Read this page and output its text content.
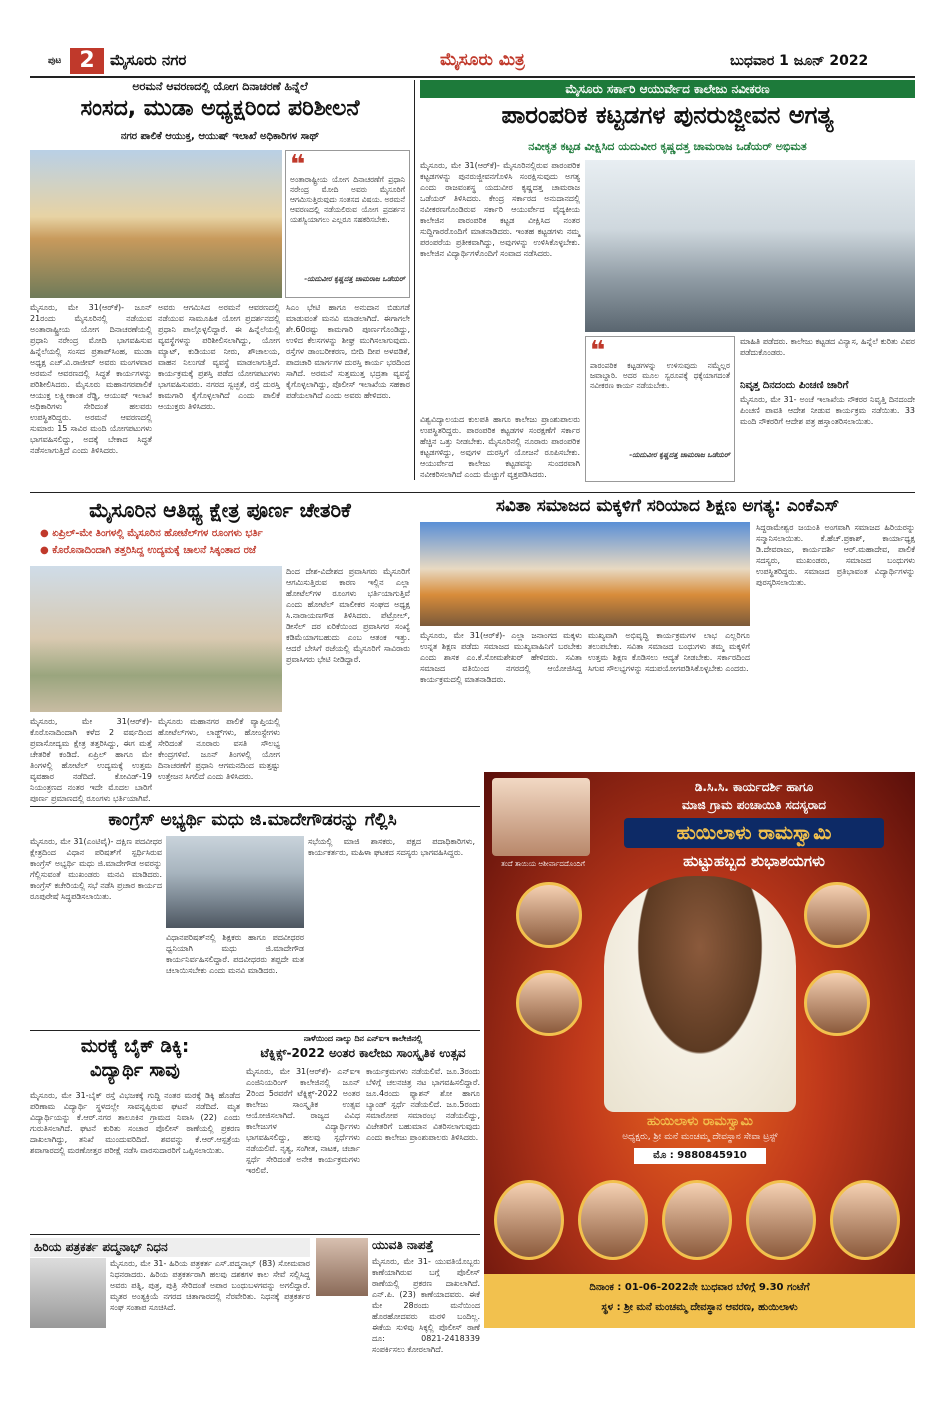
ಪುಟ 2	ಮೈಸೂರು ನಗರ	ಮೈಸೂರು ಮಿತ್ರ	ಬುಧವಾರ 1 ಜೂನ್ 2022
ಅರಮನೆ ಆವರಣದಲ್ಲಿ ಯೋಗ ದಿನಾಚರಣೆ ಹಿನ್ನೆಲೆ
ಸಂಸದ, ಮುಡಾ ಅಧ್ಯಕ್ಷರಿಂದ ಪರಿಶೀಲನೆ
ನಗರ ಪಾಲಿಕೆ ಆಯುಕ್ತ, ಆಯುಷ್ ಇಲಾಖೆ ಅಧಿಕಾರಿಗಳ ಸಾಥ್
❝
ಅಂತಾರಾಷ್ಟ್ರೀಯ ಯೋಗ ದಿನಾಚರಣೆಗೆ ಪ್ರಧಾನಿ ನರೇಂದ್ರ ಮೋದಿ ಅವರು ಮೈಸೂರಿಗೆ ಆಗಮಿಸುತ್ತಿರುವುದು ಸಂತಸದ ವಿಷಯ. ಅರಮನೆ ಆವರಣದಲ್ಲಿ ನಡೆಯಲಿರುವ ಯೋಗ ಪ್ರದರ್ಶನ ಯಶಸ್ವಿಯಾಗಲು ಎಲ್ಲರೂ ಸಹಕರಿಸಬೇಕು.
-ಯದುವೀರ ಕೃಷ್ಣದತ್ತ ಚಾಮರಾಜ ಒಡೆಯರ್
ಮೈಸೂರು, ಮೇ 31(ಆರ್‌ಕೆ)- ಜೂನ್ 21ರಂದು ಮೈಸೂರಿನಲ್ಲಿ ನಡೆಯುವ ಅಂತಾರಾಷ್ಟ್ರೀಯ ಯೋಗ ದಿನಾಚರಣೆಯಲ್ಲಿ ಪ್ರಧಾನಿ ನರೇಂದ್ರ ಮೋದಿ ಭಾಗವಹಿಸುವ ಹಿನ್ನೆಲೆಯಲ್ಲಿ ಸಂಸದ ಪ್ರತಾಪ್‌ಸಿಂಹ, ಮುಡಾ ಅಧ್ಯಕ್ಷ ಎಚ್.ವಿ.ರಾಜೀವ್ ಅವರು ಮಂಗಳವಾರ ಅರಮನೆ ಆವರಣದಲ್ಲಿ ಸಿದ್ಧತೆ ಕಾರ್ಯಗಳನ್ನು ಪರಿಶೀಲಿಸಿದರು. ಮೈಸೂರು ಮಹಾನಗರಪಾಲಿಕೆ ಆಯುಕ್ತ ಲಕ್ಷ್ಮೀಕಾಂತ ರೆಡ್ಡಿ, ಆಯುಷ್ ಇಲಾಖೆ ಅಧಿಕಾರಿಗಳು ಸೇರಿದಂತೆ ಹಲವರು ಉಪಸ್ಥಿತರಿದ್ದರು. ಅರಮನೆ ಆವರಣದಲ್ಲಿ ಸುಮಾರು 15 ಸಾವಿರ ಮಂದಿ ಯೋಗಪಟುಗಳು ಭಾಗವಹಿಸಲಿದ್ದು, ಅದಕ್ಕೆ ಬೇಕಾದ ಸಿದ್ಧತೆ ನಡೆಸಲಾಗುತ್ತಿದೆ ಎಂದು ತಿಳಿಸಿದರು.
ಅವರು ಆಗಮಿಸಿದ ಅರಮನೆ ಆವರಣದಲ್ಲಿ ನಡೆಯುವ ಸಾಮೂಹಿಕ ಯೋಗ ಪ್ರದರ್ಶನದಲ್ಲಿ ಪ್ರಧಾನಿ ಪಾಲ್ಗೊಳ್ಳಲಿದ್ದಾರೆ. ಈ ಹಿನ್ನೆಲೆಯಲ್ಲಿ ವ್ಯವಸ್ಥೆಗಳನ್ನು ಪರಿಶೀಲಿಸಲಾಗಿದ್ದು, ಯೋಗ ಮ್ಯಾಟ್, ಕುಡಿಯುವ ನೀರು, ಶೌಚಾಲಯ, ವಾಹನ ನಿಲುಗಡೆ ವ್ಯವಸ್ಥೆ ಮಾಡಲಾಗುತ್ತಿದೆ. ಕಾರ್ಯಕ್ರಮಕ್ಕೆ ಪ್ರಶಸ್ತಿ ಪಡೆದ ಯೋಗಪಟುಗಳು ಭಾಗವಹಿಸುವರು. ನಗರದ ಸ್ವಚ್ಛತೆ, ರಸ್ತೆ ದುರಸ್ತಿ ಕಾಮಗಾರಿ ಕೈಗೊಳ್ಳಲಾಗಿದೆ ಎಂದು ಪಾಲಿಕೆ ಆಯುಕ್ತರು ತಿಳಿಸಿದರು.
ಸಿಎಂ ಭೇಟಿ ಹಾಗೂ ಅನುದಾನ ಬಿಡುಗಡೆ ಮಾಡುವಂತೆ ಮನವಿ ಮಾಡಲಾಗಿದೆ. ಈಗಾಗಲೇ ಶೇ.60ರಷ್ಟು ಕಾಮಗಾರಿ ಪೂರ್ಣಗೊಂಡಿದ್ದು, ಉಳಿದ ಕೆಲಸಗಳನ್ನು ಶೀಘ್ರ ಮುಗಿಸಲಾಗುವುದು. ರಸ್ತೆಗಳ ಡಾಂಬರೀಕರಣ, ಬೀದಿ ದೀಪ ಅಳವಡಿಕೆ, ಪಾದಚಾರಿ ಮಾರ್ಗಗಳ ದುರಸ್ತಿ ಕಾರ್ಯ ಭರದಿಂದ ಸಾಗಿದೆ. ಅರಮನೆ ಸುತ್ತಮುತ್ತ ಭದ್ರತಾ ವ್ಯವಸ್ಥೆ ಕೈಗೊಳ್ಳಲಾಗಿದ್ದು, ಪೊಲೀಸ್ ಇಲಾಖೆಯ ಸಹಕಾರ ಪಡೆಯಲಾಗಿದೆ ಎಂದು ಅವರು ಹೇಳಿದರು.
ಮೈಸೂರು ಸರ್ಕಾರಿ ಆಯುರ್ವೇದ ಕಾಲೇಜು ನವೀಕರಣ
ಪಾರಂಪರಿಕ ಕಟ್ಟಡಗಳ ಪುನರುಜ್ಜೀವನ ಅಗತ್ಯ
ನವೀಕೃತ ಕಟ್ಟಡ ವೀಕ್ಷಿಸಿದ ಯದುವೀರ ಕೃಷ್ಣದತ್ತ ಚಾಮರಾಜ ಒಡೆಯರ್ ಅಭಿಮತ
ಮೈಸೂರು, ಮೇ 31(ಆರ್‌ಕೆ)- ಮೈಸೂರಿನಲ್ಲಿರುವ ಪಾರಂಪರಿಕ ಕಟ್ಟಡಗಳನ್ನು ಪುನರುಜ್ಜೀವನಗೊಳಿಸಿ ಸಂರಕ್ಷಿಸುವುದು ಅಗತ್ಯ ಎಂದು ರಾಜವಂಶಸ್ಥ ಯದುವೀರ ಕೃಷ್ಣದತ್ತ ಚಾಮರಾಜ ಒಡೆಯರ್ ತಿಳಿಸಿದರು. ಕೇಂದ್ರ ಸರ್ಕಾರದ ಅನುದಾನದಲ್ಲಿ ನವೀಕರಣಗೊಂಡಿರುವ ಸರ್ಕಾರಿ ಆಯುರ್ವೇದ ವೈದ್ಯಕೀಯ ಕಾಲೇಜಿನ ಪಾರಂಪರಿಕ ಕಟ್ಟಡ ವೀಕ್ಷಿಸಿದ ನಂತರ ಸುದ್ದಿಗಾರರೊಂದಿಗೆ ಮಾತನಾಡಿದರು. ಇಂತಹ ಕಟ್ಟಡಗಳು ನಮ್ಮ ಪರಂಪರೆಯ ಪ್ರತೀಕವಾಗಿದ್ದು, ಅವುಗಳನ್ನು ಉಳಿಸಿಕೊಳ್ಳಬೇಕು. ಕಾಲೇಜಿನ ವಿದ್ಯಾರ್ಥಿಗಳೊಂದಿಗೆ ಸಂವಾದ ನಡೆಸಿದರು.
ವಿಶ್ವವಿದ್ಯಾಲಯದ ಕುಲಪತಿ ಹಾಗೂ ಕಾಲೇಜು ಪ್ರಾಂಶುಪಾಲರು ಉಪಸ್ಥಿತರಿದ್ದರು. ಪಾರಂಪರಿಕ ಕಟ್ಟಡಗಳ ಸಂರಕ್ಷಣೆಗೆ ಸರ್ಕಾರ ಹೆಚ್ಚಿನ ಒತ್ತು ನೀಡಬೇಕು. ಮೈಸೂರಿನಲ್ಲಿ ನೂರಾರು ಪಾರಂಪರಿಕ ಕಟ್ಟಡಗಳಿದ್ದು, ಅವುಗಳ ದುರಸ್ತಿಗೆ ಯೋಜನೆ ರೂಪಿಸಬೇಕು. ಆಯುರ್ವೇದ ಕಾಲೇಜು ಕಟ್ಟಡವನ್ನು ಸುಂದರವಾಗಿ ನವೀಕರಿಸಲಾಗಿದೆ ಎಂದು ಮೆಚ್ಚುಗೆ ವ್ಯಕ್ತಪಡಿಸಿದರು.
❝
ಪಾರಂಪರಿಕ ಕಟ್ಟಡಗಳನ್ನು ಉಳಿಸುವುದು ನಮ್ಮೆಲ್ಲರ ಜವಾಬ್ದಾರಿ. ಅದರ ಮೂಲ ಸ್ವರೂಪಕ್ಕೆ ಧಕ್ಕೆಯಾಗದಂತೆ ನವೀಕರಣ ಕಾರ್ಯ ನಡೆಯಬೇಕು.
-ಯದುವೀರ ಕೃಷ್ಣದತ್ತ ಚಾಮರಾಜ ಒಡೆಯರ್
ಮಾಹಿತಿ ಪಡೆದರು. ಕಾಲೇಜು ಕಟ್ಟಡದ ವಿನ್ಯಾಸ, ಹಿನ್ನೆಲೆ ಕುರಿತು ವಿವರ ಪಡೆದುಕೊಂಡರು.
ನಿವೃತ್ತ ದಿನದಂದು ಪಿಂಚಣಿ ಜಾರಿಗೆ
ಮೈಸೂರು, ಮೇ 31- ಅಂಚೆ ಇಲಾಖೆಯ ನೌಕರರ ನಿವೃತ್ತಿ ದಿನದಂದೇ ಪಿಂಚಣಿ ಪಾವತಿ ಆದೇಶ ನೀಡುವ ಕಾರ್ಯಕ್ರಮ ನಡೆಯಿತು. 33 ಮಂದಿ ನೌಕರರಿಗೆ ಆದೇಶ ಪತ್ರ ಹಸ್ತಾಂತರಿಸಲಾಯಿತು.
ಮೈಸೂರಿನ ಆತಿಥ್ಯ ಕ್ಷೇತ್ರ ಪೂರ್ಣ ಚೇತರಿಕೆ
● ಏಪ್ರಿಲ್-ಮೇ ತಿಂಗಳಲ್ಲಿ ಮೈಸೂರಿನ ಹೋಟೆಲ್‌ಗಳ ರೂಂಗಳು ಭರ್ತಿ
● ಕೊರೊನಾದಿಂದಾಗಿ ತತ್ತರಿಸಿದ್ದ ಉದ್ಯಮಕ್ಕೆ ಚಾಲನೆ ಸಿಕ್ಕಂತಾದ ರಜೆ
ದಿಂದ ದೇಶ-ವಿದೇಶದ ಪ್ರವಾಸಿಗರು ಮೈಸೂರಿಗೆ ಆಗಮಿಸುತ್ತಿರುವ ಕಾರಣ ಇಲ್ಲಿನ ಎಲ್ಲಾ ಹೋಟೆಲ್‌ಗಳ ರೂಂಗಳು ಭರ್ತಿಯಾಗುತ್ತಿವೆ ಎಂದು ಹೋಟೆಲ್ ಮಾಲೀಕರ ಸಂಘದ ಅಧ್ಯಕ್ಷ ಸಿ.ನಾರಾಯಣಗೌಡ ತಿಳಿಸಿದರು. ಪೆಟ್ರೋಲ್, ಡೀಸೆಲ್ ದರ ಏರಿಕೆಯಿಂದ ಪ್ರವಾಸಿಗರ ಸಂಖ್ಯೆ ಕಡಿಮೆಯಾಗಬಹುದು ಎಂಬ ಆತಂಕ ಇತ್ತು. ಆದರೆ ಬೇಸಿಗೆ ರಜೆಯಲ್ಲಿ ಮೈಸೂರಿಗೆ ಸಾವಿರಾರು ಪ್ರವಾಸಿಗರು ಭೇಟಿ ನೀಡಿದ್ದಾರೆ.
ಮೈಸೂರು, ಮೇ 31(ಆರ್‌ಕೆ)-ಕೊರೊನಾದಿಂದಾಗಿ ಕಳೆದ 2 ವರ್ಷದಿಂದ ಪ್ರವಾಸೋದ್ಯಮ ಕ್ಷೇತ್ರ ತತ್ತರಿಸಿದ್ದು, ಈಗ ಮತ್ತೆ ಚೇತರಿಕೆ ಕಂಡಿದೆ. ಏಪ್ರಿಲ್ ಹಾಗೂ ಮೇ ತಿಂಗಳಲ್ಲಿ ಹೋಟೆಲ್ ಉದ್ಯಮಕ್ಕೆ ಉತ್ತಮ ವ್ಯವಹಾರ ನಡೆದಿದೆ. ಕೋವಿಡ್-19 ನಿಯಂತ್ರಣದ ನಂತರ ಇದೇ ಮೊದಲ ಬಾರಿಗೆ ಪೂರ್ಣ ಪ್ರಮಾಣದಲ್ಲಿ ರೂಂಗಳು ಭರ್ತಿಯಾಗಿವೆ.
ಮೈಸೂರು ಮಹಾನಗರ ಪಾಲಿಕೆ ವ್ಯಾಪ್ತಿಯಲ್ಲಿ ಹೋಟೆಲ್‌ಗಳು, ಲಾಡ್ಜ್‌ಗಳು, ಹೋಂಸ್ಟೇಗಳು ಸೇರಿದಂತೆ ನೂರಾರು ವಸತಿ ಸೌಲಭ್ಯ ಕೇಂದ್ರಗಳಿವೆ. ಜೂನ್ ತಿಂಗಳಲ್ಲಿ ಯೋಗ ದಿನಾಚರಣೆಗೆ ಪ್ರಧಾನಿ ಆಗಮನದಿಂದ ಮತ್ತಷ್ಟು ಉತ್ತೇಜನ ಸಿಗಲಿದೆ ಎಂದು ತಿಳಿಸಿದರು.
ಸವಿತಾ ಸಮಾಜದ ಮಕ್ಕಳಿಗೆ ಸರಿಯಾದ ಶಿಕ್ಷಣ ಅಗತ್ಯ: ಎಂಕೆಎಸ್
ಸಿದ್ದರಾಮೇಶ್ವರ ಜಯಂತಿ ಅಂಗವಾಗಿ ಸಮಾಜದ ಹಿರಿಯರನ್ನು ಸನ್ಮಾನಿಸಲಾಯಿತು. ಕೆ.ಹೆಚ್.ಪ್ರಕಾಶ್, ಕಾರ್ಯಾಧ್ಯಕ್ಷ ಡಿ.ದೇವರಾಜು, ಕಾರ್ಯದರ್ಶಿ ಆರ್.ಮಹಾದೇವ, ಪಾಲಿಕೆ ಸದಸ್ಯರು, ಮುಖಂಡರು, ಸಮಾಜದ ಬಂಧುಗಳು ಉಪಸ್ಥಿತರಿದ್ದರು. ಸಮಾಜದ ಪ್ರತಿಭಾವಂತ ವಿದ್ಯಾರ್ಥಿಗಳನ್ನು ಪುರಸ್ಕರಿಸಲಾಯಿತು.
ಮೈಸೂರು, ಮೇ 31(ಆರ್‌ಕೆ)- ಎಲ್ಲಾ ಜನಾಂಗದ ಮಕ್ಕಳು ಉನ್ನತ ಶಿಕ್ಷಣ ಪಡೆದು ಸಮಾಜದ ಮುಖ್ಯವಾಹಿನಿಗೆ ಬರಬೇಕು ಎಂದು ಶಾಸಕ ಎಂ.ಕೆ.ಸೋಮಶೇಖರ್ ಹೇಳಿದರು. ಸವಿತಾ ಸಮಾಜದ ವತಿಯಿಂದ ನಗರದಲ್ಲಿ ಆಯೋಜಿಸಿದ್ದ ಕಾರ್ಯಕ್ರಮದಲ್ಲಿ ಮಾತನಾಡಿದರು.
ಮುಖ್ಯವಾಗಿ ಅಭಿವೃದ್ಧಿ ಕಾರ್ಯಕ್ರಮಗಳ ಲಾಭ ಎಲ್ಲರಿಗೂ ತಲುಪಬೇಕು. ಸವಿತಾ ಸಮಾಜದ ಬಂಧುಗಳು ತಮ್ಮ ಮಕ್ಕಳಿಗೆ ಉತ್ತಮ ಶಿಕ್ಷಣ ಕೊಡಿಸಲು ಆದ್ಯತೆ ನೀಡಬೇಕು. ಸರ್ಕಾರದಿಂದ ಸಿಗುವ ಸೌಲಭ್ಯಗಳನ್ನು ಸದುಪಯೋಗಪಡಿಸಿಕೊಳ್ಳಬೇಕು ಎಂದರು.
ಕಾಂಗ್ರೆಸ್ ಅಭ್ಯರ್ಥಿ ಮಧು ಜಿ.ಮಾದೇಗೌಡರನ್ನು ಗೆಲ್ಲಿಸಿ
ಮೈಸೂರು, ಮೇ 31(ಎಂಟಿವೈ)- ದಕ್ಷಿಣ ಪದವೀಧರ ಕ್ಷೇತ್ರದಿಂದ ವಿಧಾನ ಪರಿಷತ್‌ಗೆ ಸ್ಪರ್ಧಿಸಿರುವ ಕಾಂಗ್ರೆಸ್ ಅಭ್ಯರ್ಥಿ ಮಧು ಜಿ.ಮಾದೇಗೌಡ ಅವರನ್ನು ಗೆಲ್ಲಿಸುವಂತೆ ಮುಖಂಡರು ಮನವಿ ಮಾಡಿದರು. ಕಾಂಗ್ರೆಸ್ ಕಚೇರಿಯಲ್ಲಿ ಸಭೆ ನಡೆಸಿ ಪ್ರಚಾರ ಕಾರ್ಯದ ರೂಪುರೇಷೆ ಸಿದ್ಧಪಡಿಸಲಾಯಿತು.
ವಿಧಾನಪರಿಷತ್‌ನಲ್ಲಿ ಶಿಕ್ಷಕರು ಹಾಗೂ ಪದವೀಧರರ ಧ್ವನಿಯಾಗಿ ಮಧು ಜಿ.ಮಾದೇಗೌಡ ಕಾರ್ಯನಿರ್ವಹಿಸಲಿದ್ದಾರೆ. ಪದವೀಧರರು ತಪ್ಪದೇ ಮತ ಚಲಾಯಿಸಬೇಕು ಎಂದು ಮನವಿ ಮಾಡಿದರು.
ಸಭೆಯಲ್ಲಿ ಮಾಜಿ ಶಾಸಕರು, ಪಕ್ಷದ ಪದಾಧಿಕಾರಿಗಳು, ಕಾರ್ಯಕರ್ತರು, ಮಹಿಳಾ ಘಟಕದ ಸದಸ್ಯರು ಭಾಗವಹಿಸಿದ್ದರು.
ಮರಕ್ಕೆ ಬೈಕ್ ಡಿಕ್ಕಿ:
ವಿದ್ಯಾರ್ಥಿ ಸಾವು
ಮೈಸೂರು, ಮೇ 31-ಬೈಕ್ ರಸ್ತೆ ವಿಭಜಕಕ್ಕೆ ಗುದ್ದಿ ನಂತರ ಮರಕ್ಕೆ ಡಿಕ್ಕಿ ಹೊಡೆದ ಪರಿಣಾಮ ವಿದ್ಯಾರ್ಥಿ ಸ್ಥಳದಲ್ಲೇ ಸಾವನ್ನಪ್ಪಿರುವ ಘಟನೆ ನಡೆದಿದೆ. ಮೃತ ವಿದ್ಯಾರ್ಥಿಯನ್ನು ಕೆ.ಆರ್.ನಗರ ತಾಲೂಕಿನ ಗ್ರಾಮದ ನಿವಾಸಿ (22) ಎಂದು ಗುರುತಿಸಲಾಗಿದೆ. ಘಟನೆ ಕುರಿತು ಸಂಚಾರ ಪೊಲೀಸ್ ಠಾಣೆಯಲ್ಲಿ ಪ್ರಕರಣ ದಾಖಲಾಗಿದ್ದು, ತನಿಖೆ ಮುಂದುವರಿದಿದೆ. ಶವವನ್ನು ಕೆ.ಆರ್.ಆಸ್ಪತ್ರೆಯ ಶವಾಗಾರದಲ್ಲಿ ಮರಣೋತ್ತರ ಪರೀಕ್ಷೆ ನಡೆಸಿ ವಾರಸುದಾರರಿಗೆ ಒಪ್ಪಿಸಲಾಯಿತು.
ನಾಳೆಯಿಂದ ನಾಲ್ಕು ದಿನ ಎನ್‌ಐಇ ಕಾಲೇಜಿನಲ್ಲಿ
ಟೆಕ್ನಿಕ್ಸ್-2022 ಅಂತರ ಕಾಲೇಜು ಸಾಂಸ್ಕೃತಿಕ ಉತ್ಸವ
ಮೈಸೂರು, ಮೇ 31(ಆರ್‌ಕೆ)- ಎನ್‌ಐಇ ಎಂಜಿನಿಯರಿಂಗ್ ಕಾಲೇಜಿನಲ್ಲಿ ಜೂನ್ 2ರಿಂದ 5ರವರೆಗೆ ಟೆಕ್ನಿಕ್ಸ್-2022 ಅಂತರ ಕಾಲೇಜು ಸಾಂಸ್ಕೃತಿಕ ಉತ್ಸವ ಆಯೋಜಿಸಲಾಗಿದೆ. ರಾಜ್ಯದ ವಿವಿಧ ಕಾಲೇಜುಗಳ ವಿದ್ಯಾರ್ಥಿಗಳು ಭಾಗವಹಿಸಲಿದ್ದು, ಹಲವು ಸ್ಪರ್ಧೆಗಳು ನಡೆಯಲಿವೆ. ನೃತ್ಯ, ಸಂಗೀತ, ನಾಟಕ, ಚರ್ಚಾ ಸ್ಪರ್ಧೆ ಸೇರಿದಂತೆ ಅನೇಕ ಕಾರ್ಯಕ್ರಮಗಳು ಇರಲಿವೆ.
ಕಾರ್ಯಕ್ರಮಗಳು ನಡೆಯಲಿವೆ. ಜೂ.3ರಂದು ಬೆಳಿಗ್ಗೆ ಚಲನಚಿತ್ರ ನಟ ಭಾಗವಹಿಸಲಿದ್ದಾರೆ. ಜೂ.4ರಂದು ಫ್ಯಾಶನ್ ಶೋ ಹಾಗೂ ಬ್ಯಾಂಡ್ ಸ್ಪರ್ಧೆ ನಡೆಯಲಿದೆ. ಜೂ.5ರಂದು ಸಮಾರೋಪ ಸಮಾರಂಭ ನಡೆಯಲಿದ್ದು, ವಿಜೇತರಿಗೆ ಬಹುಮಾನ ವಿತರಿಸಲಾಗುವುದು ಎಂದು ಕಾಲೇಜು ಪ್ರಾಂಶುಪಾಲರು ತಿಳಿಸಿದರು.
ಹಿರಿಯ ಪತ್ರಕರ್ತ ಪದ್ಮನಾಭ್ ನಿಧನ
ಮೈಸೂರು, ಮೇ 31- ಹಿರಿಯ ಪತ್ರಕರ್ತ ಎಸ್.ಪದ್ಮನಾಭ್ (83) ಸೋಮವಾರ ನಿಧನರಾದರು. ಹಿರಿಯ ಪತ್ರಕರ್ತರಾಗಿ ಹಲವು ದಶಕಗಳ ಕಾಲ ಸೇವೆ ಸಲ್ಲಿಸಿದ್ದ ಅವರು ಪತ್ನಿ, ಪುತ್ರ, ಪುತ್ರಿ ಸೇರಿದಂತೆ ಅಪಾರ ಬಂಧುಬಳಗವನ್ನು ಅಗಲಿದ್ದಾರೆ. ಮೃತರ ಅಂತ್ಯಕ್ರಿಯೆ ನಗರದ ಚಿತಾಗಾರದಲ್ಲಿ ನೆರವೇರಿತು. ನಿಧನಕ್ಕೆ ಪತ್ರಕರ್ತರ ಸಂಘ ಸಂತಾಪ ಸೂಚಿಸಿದೆ.
ಯುವತಿ ನಾಪತ್ತೆ
ಮೈಸೂರು, ಮೇ 31- ಯುವತಿಯೊಬ್ಬರು ಕಾಣೆಯಾಗಿರುವ ಬಗ್ಗೆ ಪೊಲೀಸ್ ಠಾಣೆಯಲ್ಲಿ ಪ್ರಕರಣ ದಾಖಲಾಗಿದೆ. ಎನ್.ಪಿ. (23) ಕಾಣೆಯಾದವರು. ಈಕೆ ಮೇ 28ರಂದು ಮನೆಯಿಂದ ಹೊರಹೋದವರು ಮರಳಿ ಬಂದಿಲ್ಲ. ಈಕೆಯ ಸುಳಿವು ಸಿಕ್ಕಲ್ಲಿ ಪೊಲೀಸ್ ಠಾಣೆ ದೂ: 0821-2418339 ಸಂಪರ್ಕಿಸಲು ಕೋರಲಾಗಿದೆ.
ತಂದೆ ತಾಯಿಯ ಆಶೀರ್ವಾದದೊಂದಿಗೆ
ಡಿ.ಸಿ.ಸಿ. ಕಾರ್ಯದರ್ಶಿ ಹಾಗೂ
ಮಾಜಿ ಗ್ರಾಮ ಪಂಚಾಯಿತಿ ಸದಸ್ಯರಾದ
ಹುಯಿಲಾಳು ರಾಮಸ್ವಾಮಿ
ಹುಟ್ಟುಹಬ್ಬದ ಶುಭಾಶಯಗಳು
ಹುಯಿಲಾಳು ರಾಮಸ್ವಾಮಿ
ಅಧ್ಯಕ್ಷರು, ಶ್ರೀ ಮನೆ ಮಂಚಮ್ಮ ದೇವಸ್ಥಾನ ಸೇವಾ ಟ್ರಸ್ಟ್
ಮೊ : 9880845910
ದಿನಾಂಕ : 01-06-2022ನೇ ಬುಧವಾರ ಬೆಳಿಗ್ಗೆ 9.30 ಗಂಟೆಗೆ
ಸ್ಥಳ : ಶ್ರೀ ಮನೆ ಮಂಚಮ್ಮ ದೇವಸ್ಥಾನ ಆವರಣ, ಹುಯಿಲಾಳು
